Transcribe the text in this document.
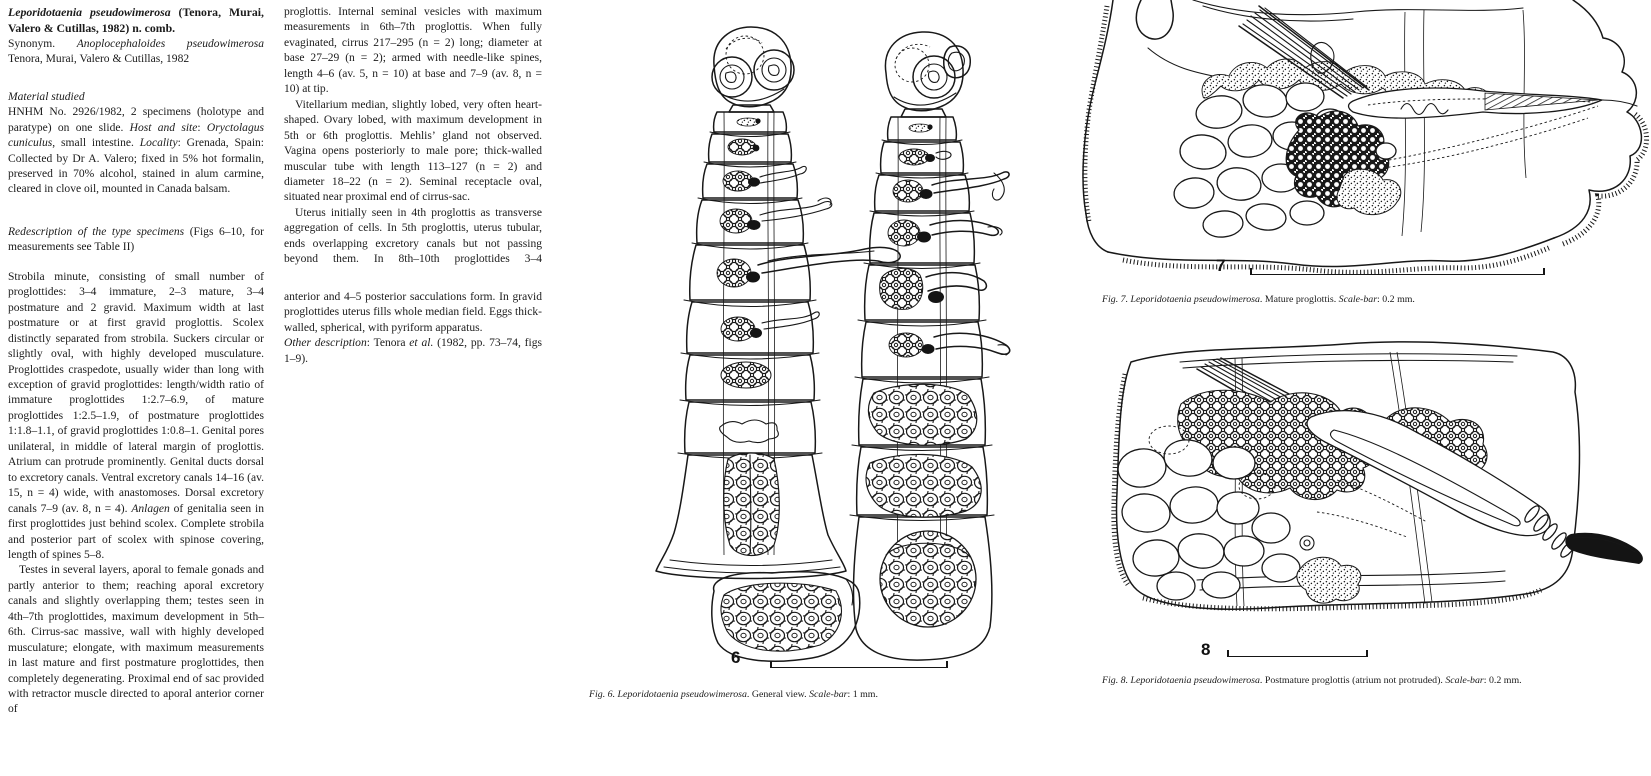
Leporidotaenia pseudowimerosa (Tenora, Murai, Valero & Cutillas, 1982) n. comb.

Synonym. Anoplocephaloides pseudowimerosa Tenora, Murai, Valero & Cutillas, 1982

Material studied

HNHM No. 2926/1982, 2 specimens (holotype and paratype) on one slide. Host and site: Oryctolagus cuniculus, small intestine. Locality: Grenada, Spain: Collected by Dr A. Valero; fixed in 5% hot formalin, preserved in 70% alcohol, stained in alum carmine, cleared in clove oil, mounted in Canada balsam.

Redescription of the type specimens (Figs 6–10, for measurements see Table II)

Strobila minute, consisting of small number of proglottides: 3–4 immature, 2–3 mature, 3–4 postmature and 2 gravid. Maximum width at last postmature or at first gravid proglottis. Scolex distinctly separated from strobila. Suckers circular or slightly oval, with highly developed musculature. Proglottides craspedote, usually wider than long with exception of gravid proglottides: length/width ratio of immature proglottides 1:2.7–6.9, of mature proglottides 1:2.5–1.9, of postmature proglottides 1:1.8–1.1, of gravid proglottides 1:0.8–1. Genital pores unilateral, in middle of lateral margin of proglottis. Atrium can protrude prominently. Genital ducts dorsal to excretory canals. Ventral excretory canals 14–16 (av. 15, n = 4) wide, with anastomoses. Dorsal excretory canals 7–9 (av. 8, n = 4). Anlagen of genitalia seen in first proglottides just behind scolex. Complete strobila and posterior part of scolex with spinose covering, length of spines 5–8.

Testes in several layers, aporal to female gonads and partly anterior to them; reaching aporal excretory canals and slightly overlapping them; testes seen in 4th–7th proglottides, maximum development in 5th–6th. Cirrus-sac massive, wall with highly developed musculature; elongate, with maximum measurements in last mature and first postmature proglottides, then completely degenerating. Proximal end of sac provided with retractor muscle directed to aporal anterior corner of

proglottis. Internal seminal vesicles with maximum measurements in 6th–7th proglottis. When fully evaginated, cirrus 217–295 (n = 2) long; diameter at base 27–29 (n = 2); armed with needle-like spines, length 4–6 (av. 5, n = 10) at base and 7–9 (av. 8, n = 10) at tip.

Vitellarium median, slightly lobed, very often heart-shaped. Ovary lobed, with maximum development in 5th or 6th proglottis. Mehlis’ gland not observed. Vagina opens posteriorly to male pore; thick-walled muscular tube with length 113–127 (n = 2) and diameter 18–22 (n = 2). Seminal receptacle oval, situated near proximal end of cirrus-sac.

Uterus initially seen in 4th proglottis as transverse aggregation of cells. In 5th proglottis, uterus tubular, ends overlapping excretory canals but not passing beyond them. In 8th–10th proglottides 3–4

anterior and 4–5 posterior sacculations form. In gravid proglottides uterus fills whole median field. Eggs thick-walled, spherical, with pyriform apparatus.

Other description: Tenora et al. (1982, pp. 73–74, figs 1–9).

6
Fig. 6. Leporidotaenia pseudowimerosa. General view. Scale-bar: 1 mm.
7
Fig. 7. Leporidotaenia pseudowimerosa. Mature proglottis. Scale-bar: 0.2 mm.
8
Fig. 8. Leporidotaenia pseudowimerosa. Postmature proglottis (atrium not protruded). Scale-bar: 0.2 mm.
